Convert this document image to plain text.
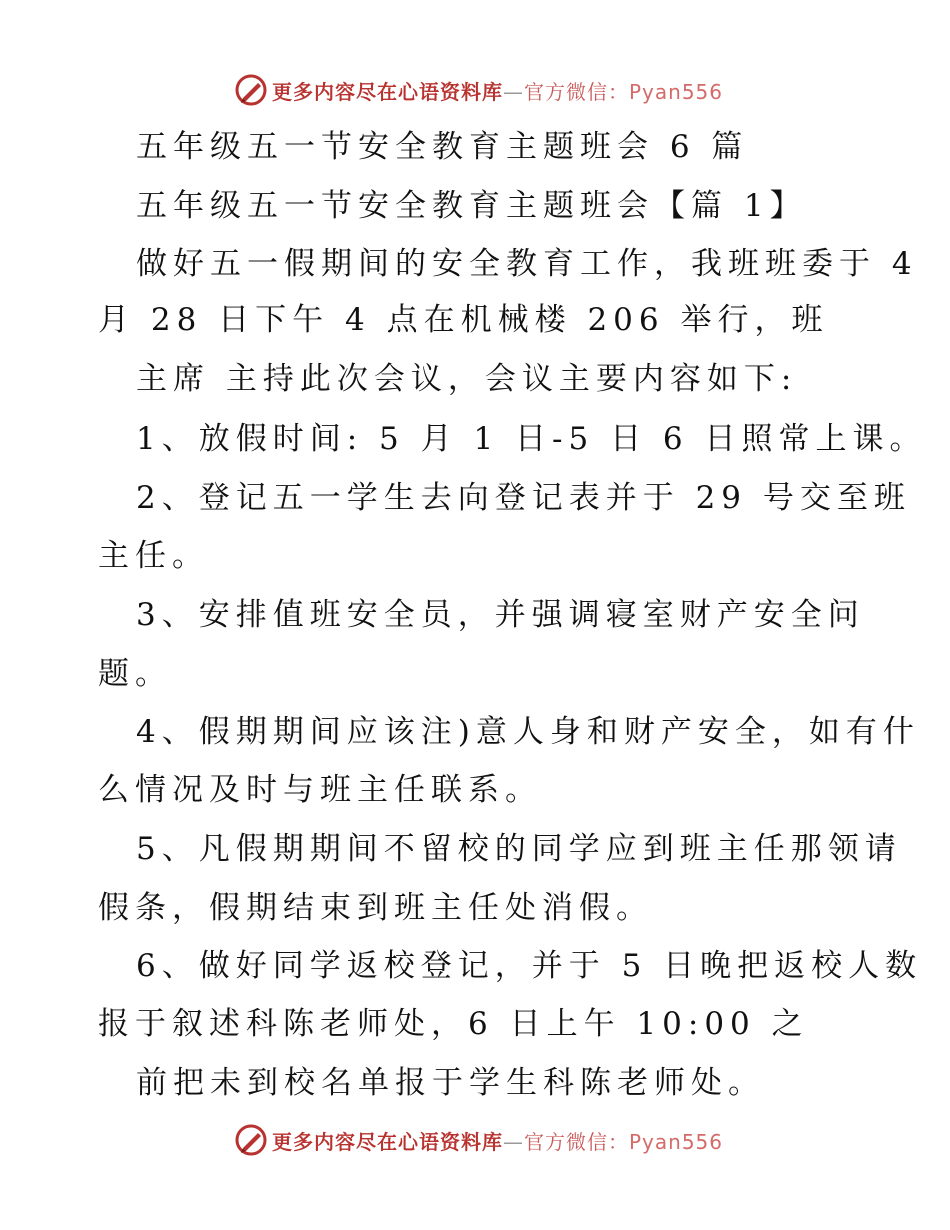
更多内容尽在心语资料库—官方微信：Pyan556
五年级五一节安全教育主题班会 6 篇
五年级五一节安全教育主题班会【篇 1】
做好五一假期间的安全教育工作，我班班委于 4
月 28 日下午 4 点在机械楼 206 举行，班
主席 主持此次会议，会议主要内容如下:
1、放假时间: 5 月 1 日-5 日 6 日照常上课。
2、登记五一学生去向登记表并于 29 号交至班
主任。
3、安排值班安全员，并强调寝室财产安全问
题。
4、假期期间应该注)意人身和财产安全，如有什
么情况及时与班主任联系。
5、凡假期期间不留校的同学应到班主任那领请
假条，假期结束到班主任处消假。
6、做好同学返校登记，并于 5 日晚把返校人数
报于叙述科陈老师处，6 日上午 10:00 之
前把未到校名单报于学生科陈老师处。
更多内容尽在心语资料库—官方微信：Pyan556
